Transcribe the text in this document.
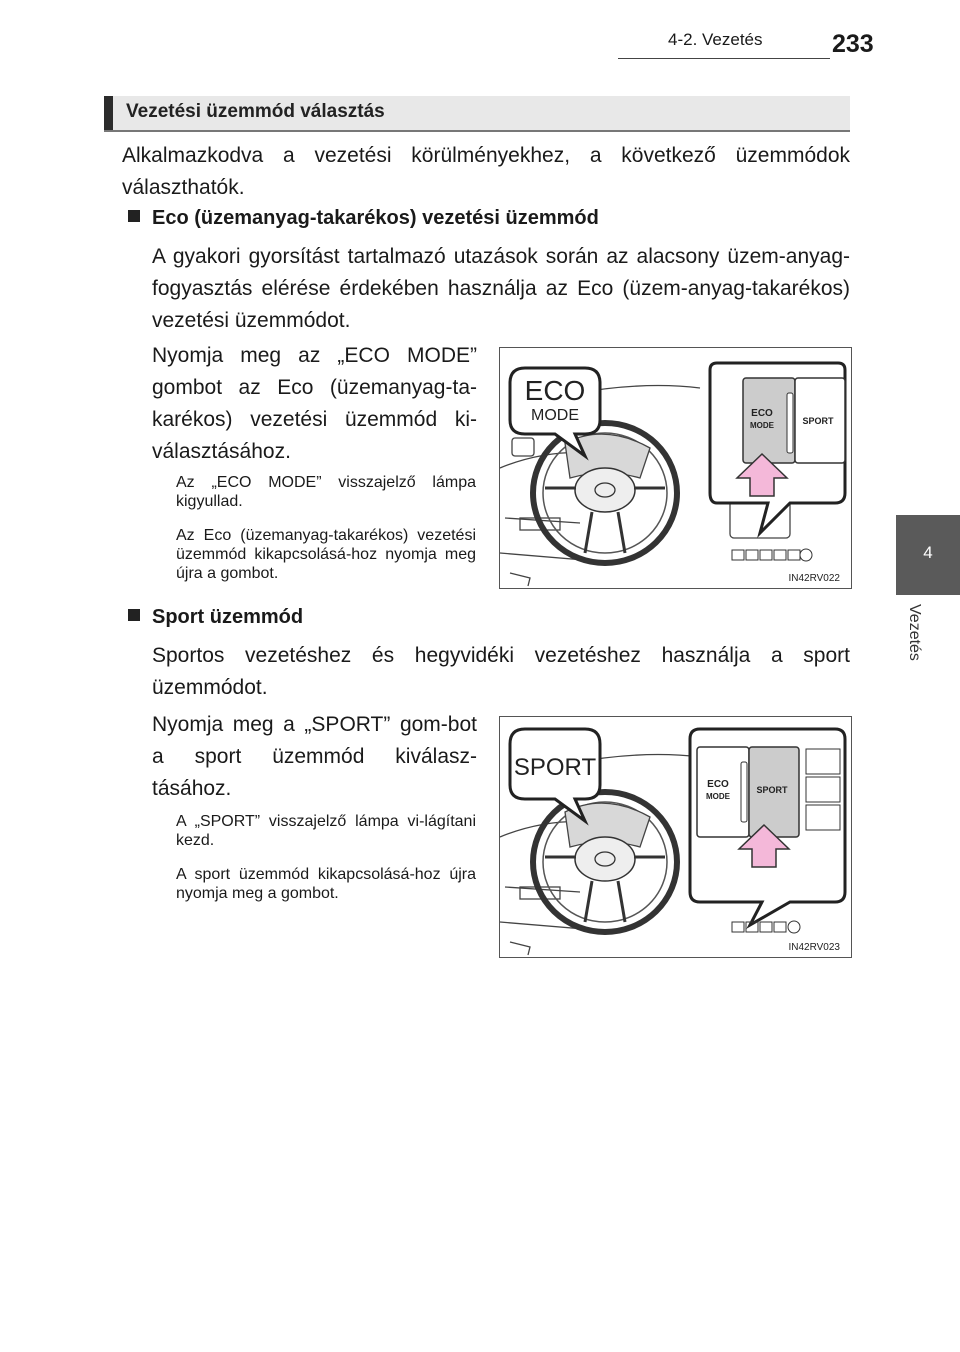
4-2. Vezetés	233
4
Vezetés
Vezetési üzemmód választás
Alkalmazkodva a vezetési körülményekhez, a következő üzemmódok választhatók.
Eco (üzemanyag-takarékos) vezetési üzemmód
A gyakori gyorsítást tartalmazó utazások során az alacsony üzem-anyag-fogyasztás elérése érdekében használja az Eco (üzem-anyag-takarékos) vezetési üzemmódot.
Nyomja meg az „ECO MODE” gombot az Eco (üzemanyag-ta-karékos) vezetési üzemmód ki-választásához.
Az „ECO MODE” visszajelző lámpa kigyullad.
Az Eco (üzemanyag-takarékos) vezetési üzemmód kikapcsolásá-hoz nyomja meg újra a gombot.
ECO
MODE	ECO
MODE	SPORT
IN42RV022
Sport üzemmód
Sportos vezetéshez és hegyvidéki vezetéshez használja a sport üzemmódot.
Nyomja meg a „SPORT” gom-bot a sport üzemmód kiválasz-tásához.
A „SPORT” visszajelző lámpa vi-lágítani kezd.
A sport üzemmód kikapcsolásá-hoz újra nyomja meg a gombot.
SPORT
ECO
MODE
SPORT
IN42RV023
